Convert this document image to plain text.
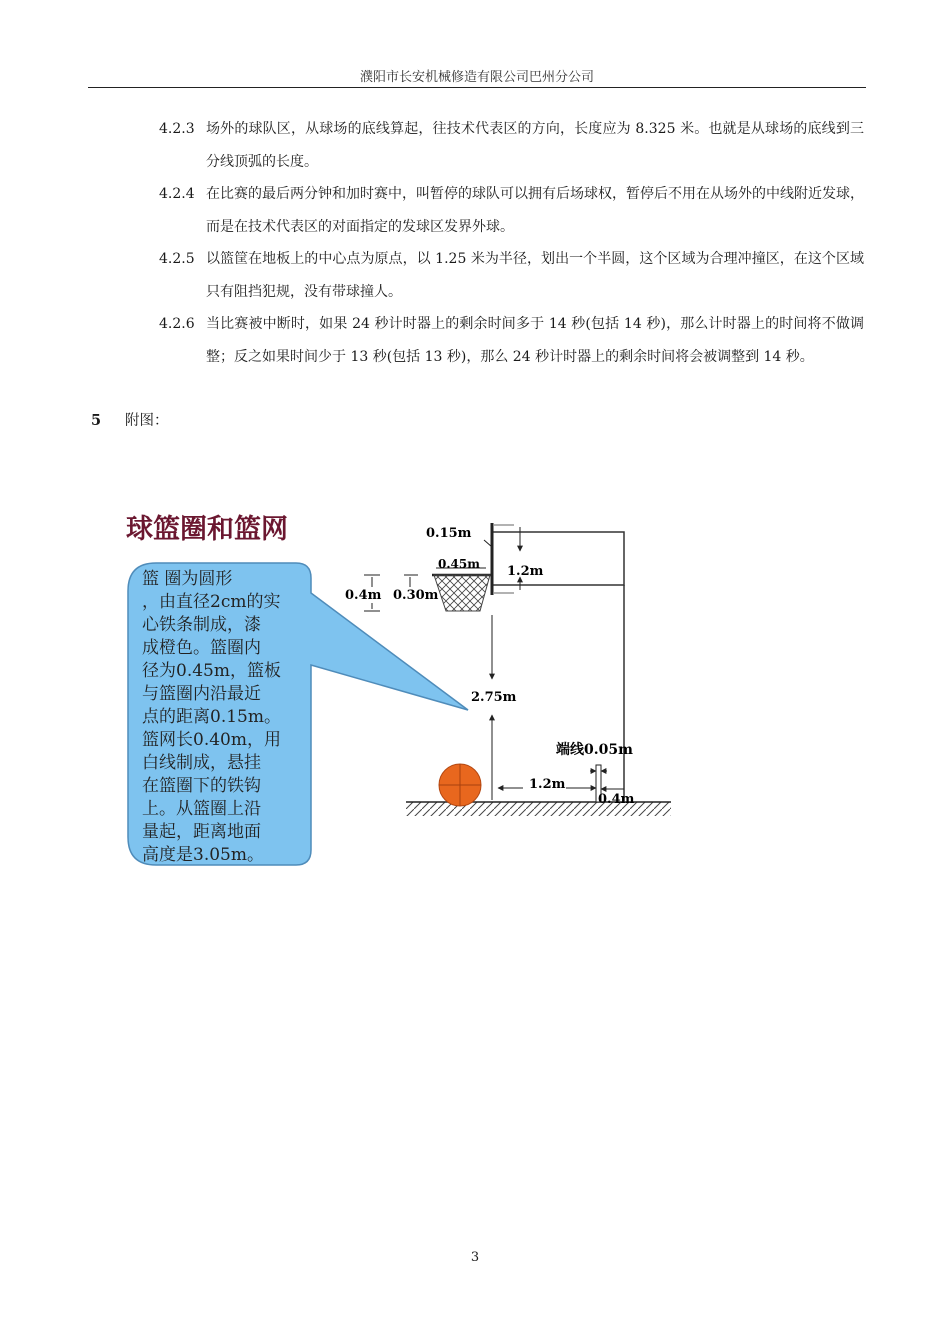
濮阳市长安机械修造有限公司巴州分公司
4.2.3 场外的球队区，从球场的底线算起，往技术代表区的方向，长度应为 8.325 米。也就是从球场的底线到三分线顶弧的长度。
4.2.4 在比赛的最后两分钟和加时赛中，叫暂停的球队可以拥有后场球权，暂停后不用在从场外的中线附近发球，而是在技术代表区的对面指定的发球区发界外球。
4.2.5 以篮筐在地板上的中心点为原点，以 1.25 米为半径，划出一个半圆，这个区域为合理冲撞区，在这个区域只有阻挡犯规，没有带球撞人。
4.2.6 当比赛被中断时，如果 24 秒计时器上的剩余时间多于 14 秒(包括 14 秒)，那么计时器上的时间将不做调整；反之如果时间少于 13 秒(包括 13 秒)，那么 24 秒计时器上的剩余时间将会被调整到 14 秒。
5 附图：
球篮圈和篮网
篮 圈为圆形
，由直径2cm的实
心铁条制成，漆
成橙色。篮圈内
径为0.45m，篮板
与篮圈内沿最近
点的距离0.15m。
篮网长0.40m，用
白线制成，悬挂
在篮圈下的铁钩
上。从篮圈上沿
量起，距离地面
高度是3.05m。
0.15m
1.2m
0.45m
0.4m 0.30m
2.75m
1.2m
端线0.05m
0.4m
3
